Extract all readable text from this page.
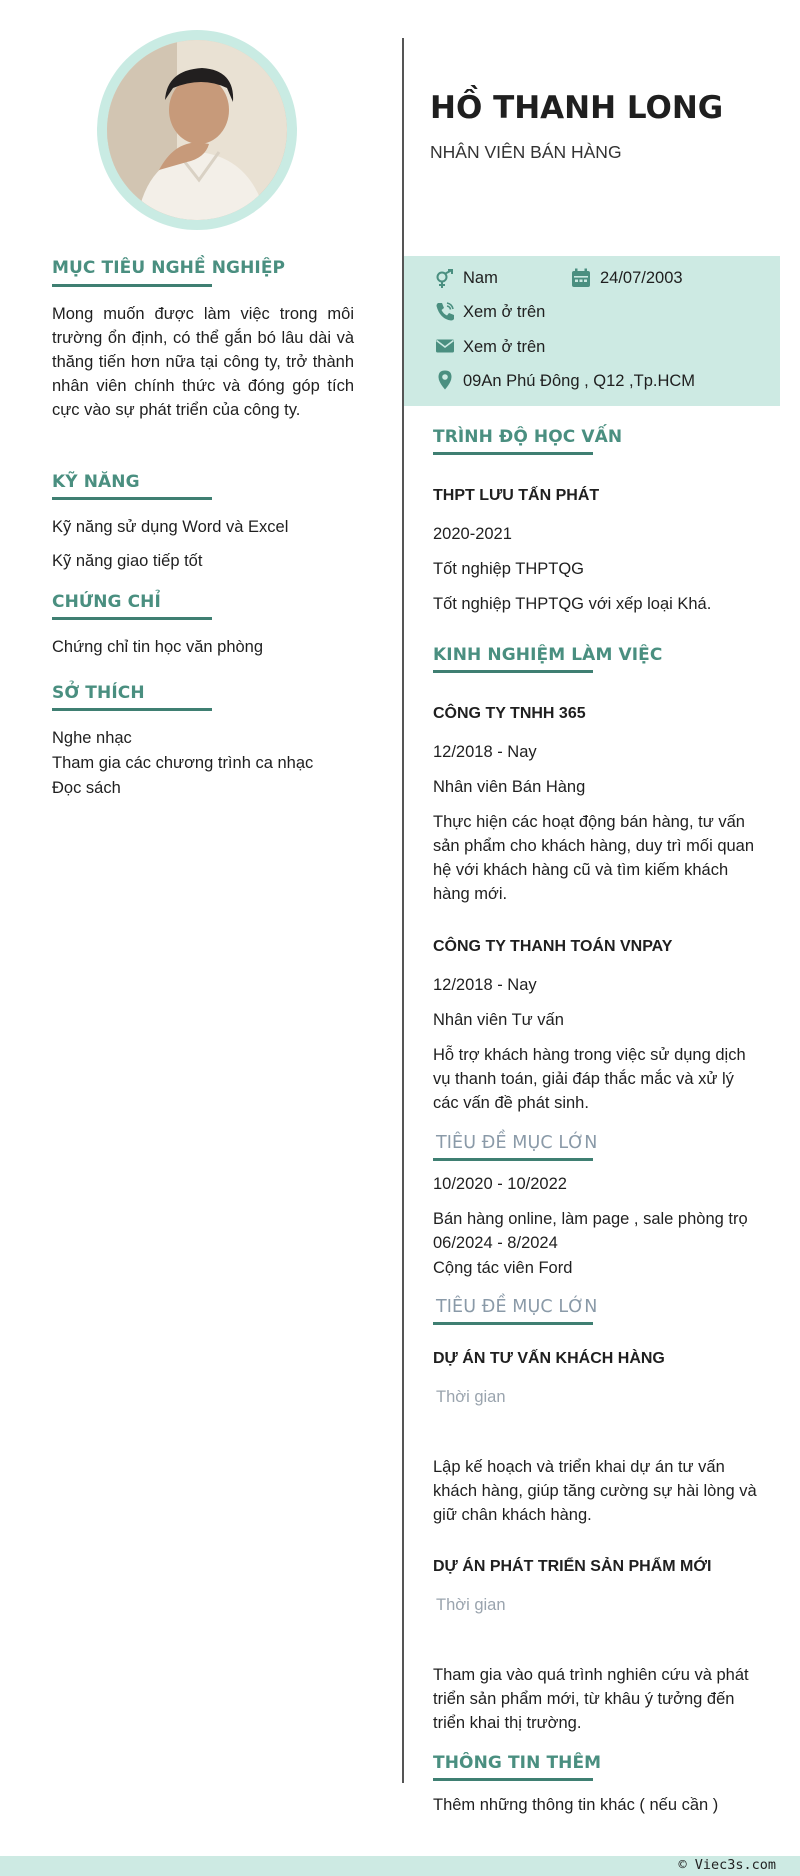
MỤC TIÊU NGHỀ NGHIỆP
Mong muốn được làm việc trong môi trường ổn định, có thể gắn bó lâu dài và thăng tiến hơn nữa tại công ty, trở thành nhân viên chính thức và đóng góp tích cực vào sự phát triển của công ty.
KỸ NĂNG
Kỹ năng sử dụng Word và Excel
Kỹ năng giao tiếp tốt
CHỨNG CHỈ
Chứng chỉ tin học văn phòng
SỞ THÍCH
Nghe nhạc
Tham gia các chương trình ca nhạc
Đọc sách
HỒ THANH LONG
NHÂN VIÊN BÁN HÀNG
Nam	24/07/2003
Xem ở trên
Xem ở trên
09An Phú Đông , Q12 ,Tp.HCM
TRÌNH ĐỘ HỌC VẤN
THPT LƯU TẤN PHÁT
2020-2021
Tốt nghiệp THPTQG
Tốt nghiệp THPTQG với xếp loại Khá.
KINH NGHIỆM LÀM VIỆC
CÔNG TY TNHH 365
12/2018 - Nay
Nhân viên Bán Hàng
Thực hiện các hoạt động bán hàng, tư vấn sản phẩm cho khách hàng, duy trì mối quan hệ với khách hàng cũ và tìm kiếm khách hàng mới.
CÔNG TY THANH TOÁN VNPAY
12/2018 - Nay
Nhân viên Tư vấn
Hỗ trợ khách hàng trong việc sử dụng dịch vụ thanh toán, giải đáp thắc mắc và xử lý các vấn đề phát sinh.
TIÊU ĐỀ MỤC LỚN
10/2020 - 10/2022
Bán hàng online, làm page , sale phòng trọ
06/2024 - 8/2024
Cộng tác viên Ford
TIÊU ĐỀ MỤC LỚN
DỰ ÁN TƯ VẤN KHÁCH HÀNG
Thời gian
Lập kế hoạch và triển khai dự án tư vấn khách hàng, giúp tăng cường sự hài lòng và giữ chân khách hàng.
DỰ ÁN PHÁT TRIỂN SẢN PHẨM MỚI
Thời gian
Tham gia vào quá trình nghiên cứu và phát triển sản phẩm mới, từ khâu ý tưởng đến triển khai thị trường.
THÔNG TIN THÊM
Thêm những thông tin khác ( nếu cần )
© Viec3s.com
